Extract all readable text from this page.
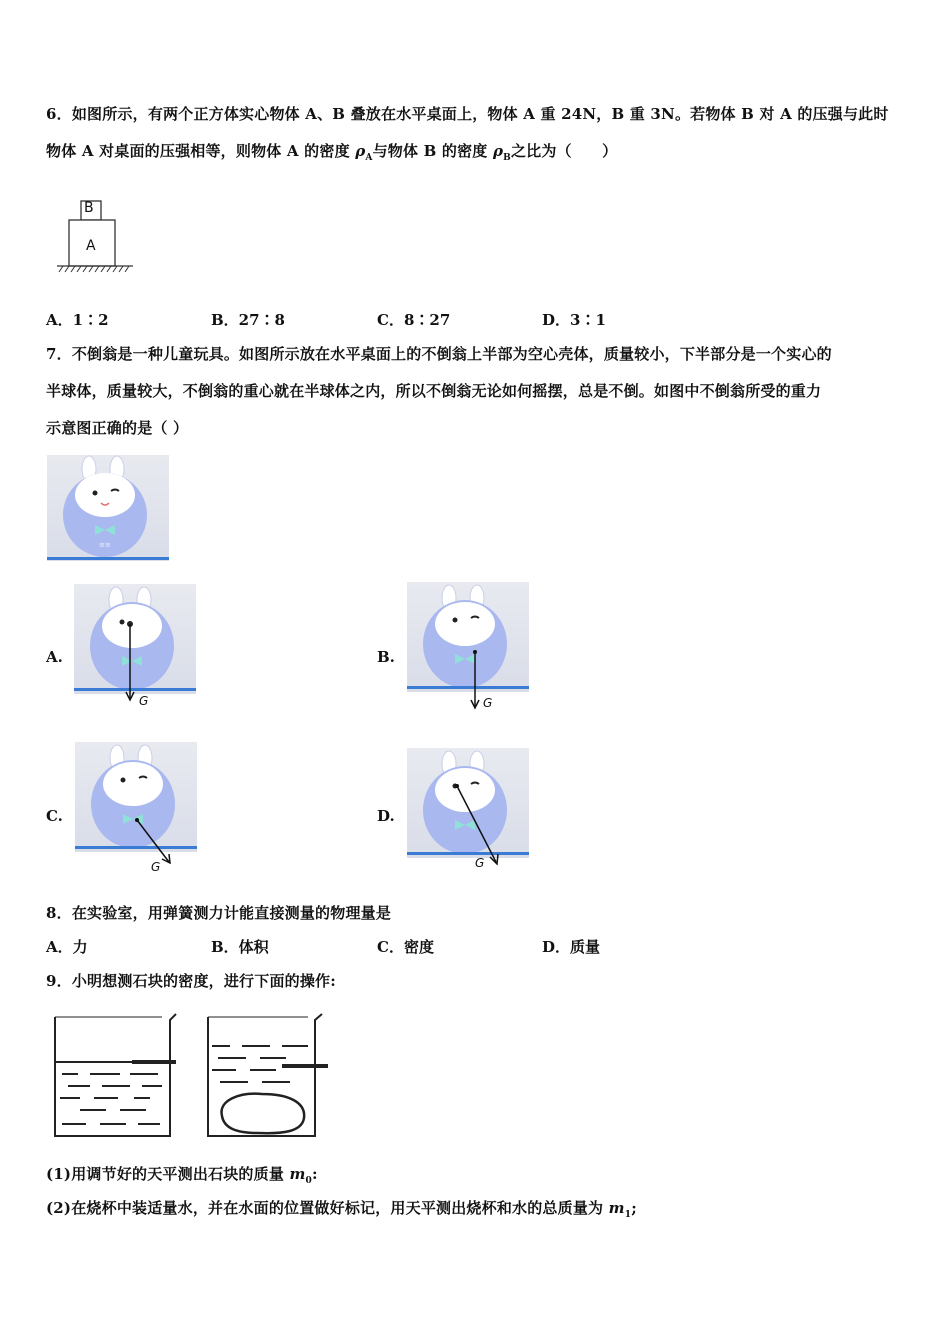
6．如图所示，有两个正方体实心物体 A、B 叠放在水平桌面上，物体 A 重 24N，B 重 3N。若物体 B 对 A 的压强与此时
物体 A 对桌面的压强相等，则物体 A 的密度 $\rho_A$与物体 B 的密度 $\rho_B$之比为（　　）
B
A
A．1∶2	B．27∶8	C．8∶27	D．3∶1
7．不倒翁是一种儿童玩具。如图所示放在水平桌面上的不倒翁上半部为空心壳体，质量较小，下半部分是一个实心的
半球体，质量较大，不倒翁的重心就在半球体之内，所以不倒翁无论如何摇摆，总是不倒。如图中不倒翁所受的重力
示意图正确的是（ ）
≡≡
A.
G
B.
G
C.
G
D.
G
8．在实验室，用弹簧测力计能直接测量的物理量是
A．力	B．体积	C．密度	D．质量
9．小明想测石块的密度，进行下面的操作:
(1)用调节好的天平测出石块的质量 $m_0$:
(2)在烧杯中装适量水，并在水面的位置做好标记，用天平测出烧杯和水的总质量为 $m_1$;
